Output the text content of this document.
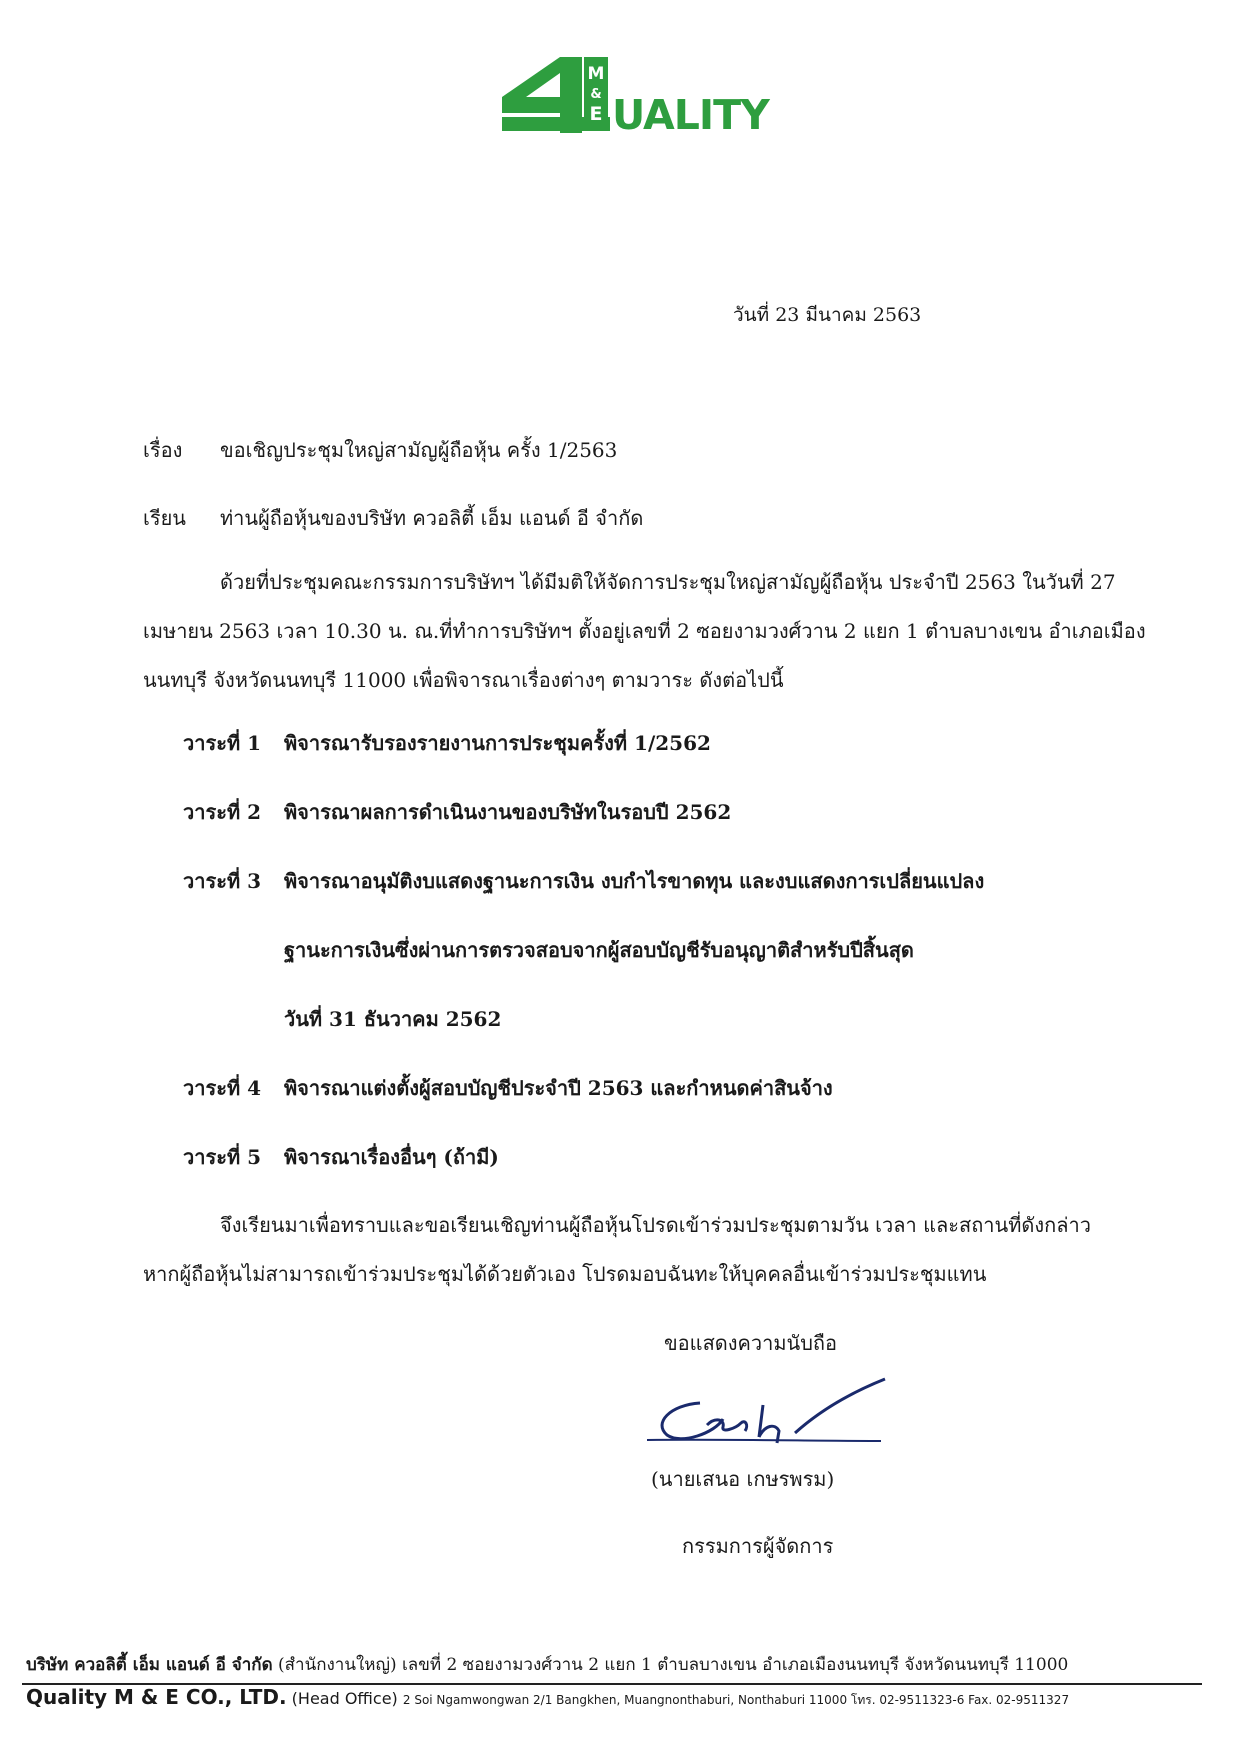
M
&
E UALITY
วันที่ 23 มีนาคม 2563
เรื่อง ขอเชิญประชุมใหญ่สามัญผู้ถือหุ้น ครั้ง 1/2563
เรียน ท่านผู้ถือหุ้นของบริษัท ควอลิตี้ เอ็ม แอนด์ อี จำกัด
ด้วยที่ประชุมคณะกรรมการบริษัทฯ ได้มีมติให้จัดการประชุมใหญ่สามัญผู้ถือหุ้น ประจำปี 2563 ในวันที่ 27
เมษายน 2563 เวลา 10.30 น. ณ.ที่ทำการบริษัทฯ ตั้งอยู่เลขที่ 2 ซอยงามวงศ์วาน 2 แยก 1 ตำบลบางเขน อำเภอเมือง
นนทบุรี จังหวัดนนทบุรี 11000 เพื่อพิจารณาเรื่องต่างๆ ตามวาระ ดังต่อไปนี้
วาระที่ 1 พิจารณารับรองรายงานการประชุมครั้งที่ 1/2562
วาระที่ 2 พิจารณาผลการดำเนินงานของบริษัทในรอบปี 2562
วาระที่ 3 พิจารณาอนุมัติงบแสดงฐานะการเงิน งบกำไรขาดทุน และงบแสดงการเปลี่ยนแปลง
ฐานะการเงินซึ่งผ่านการตรวจสอบจากผู้สอบบัญชีรับอนุญาติสำหรับปีสิ้นสุด
วันที่ 31 ธันวาคม 2562
วาระที่ 4 พิจารณาแต่งตั้งผู้สอบบัญชีประจำปี 2563 และกำหนดค่าสินจ้าง
วาระที่ 5 พิจารณาเรื่องอื่นๆ (ถ้ามี)
จึงเรียนมาเพื่อทราบและขอเรียนเชิญท่านผู้ถือหุ้นโปรดเข้าร่วมประชุมตามวัน เวลา และสถานที่ดังกล่าว
หากผู้ถือหุ้นไม่สามารถเข้าร่วมประชุมได้ด้วยตัวเอง โปรดมอบฉันทะให้บุคคลอื่นเข้าร่วมประชุมแทน
ขอแสดงความนับถือ
(นายเสนอ เกษรพรม)
กรรมการผู้จัดการ
บริษัท ควอลิตี้ เอ็ม แอนด์ อี จำกัด (สำนักงานใหญ่) เลขที่ 2 ซอยงามวงศ์วาน 2 แยก 1 ตำบลบางเขน อำเภอเมืองนนทบุรี จังหวัดนนทบุรี 11000
Quality M & E CO., LTD. (Head Office) 2 Soi Ngamwongwan 2/1 Bangkhen, Muangnonthaburi, Nonthaburi 11000 โทร. 02-9511323-6 Fax. 02-9511327
